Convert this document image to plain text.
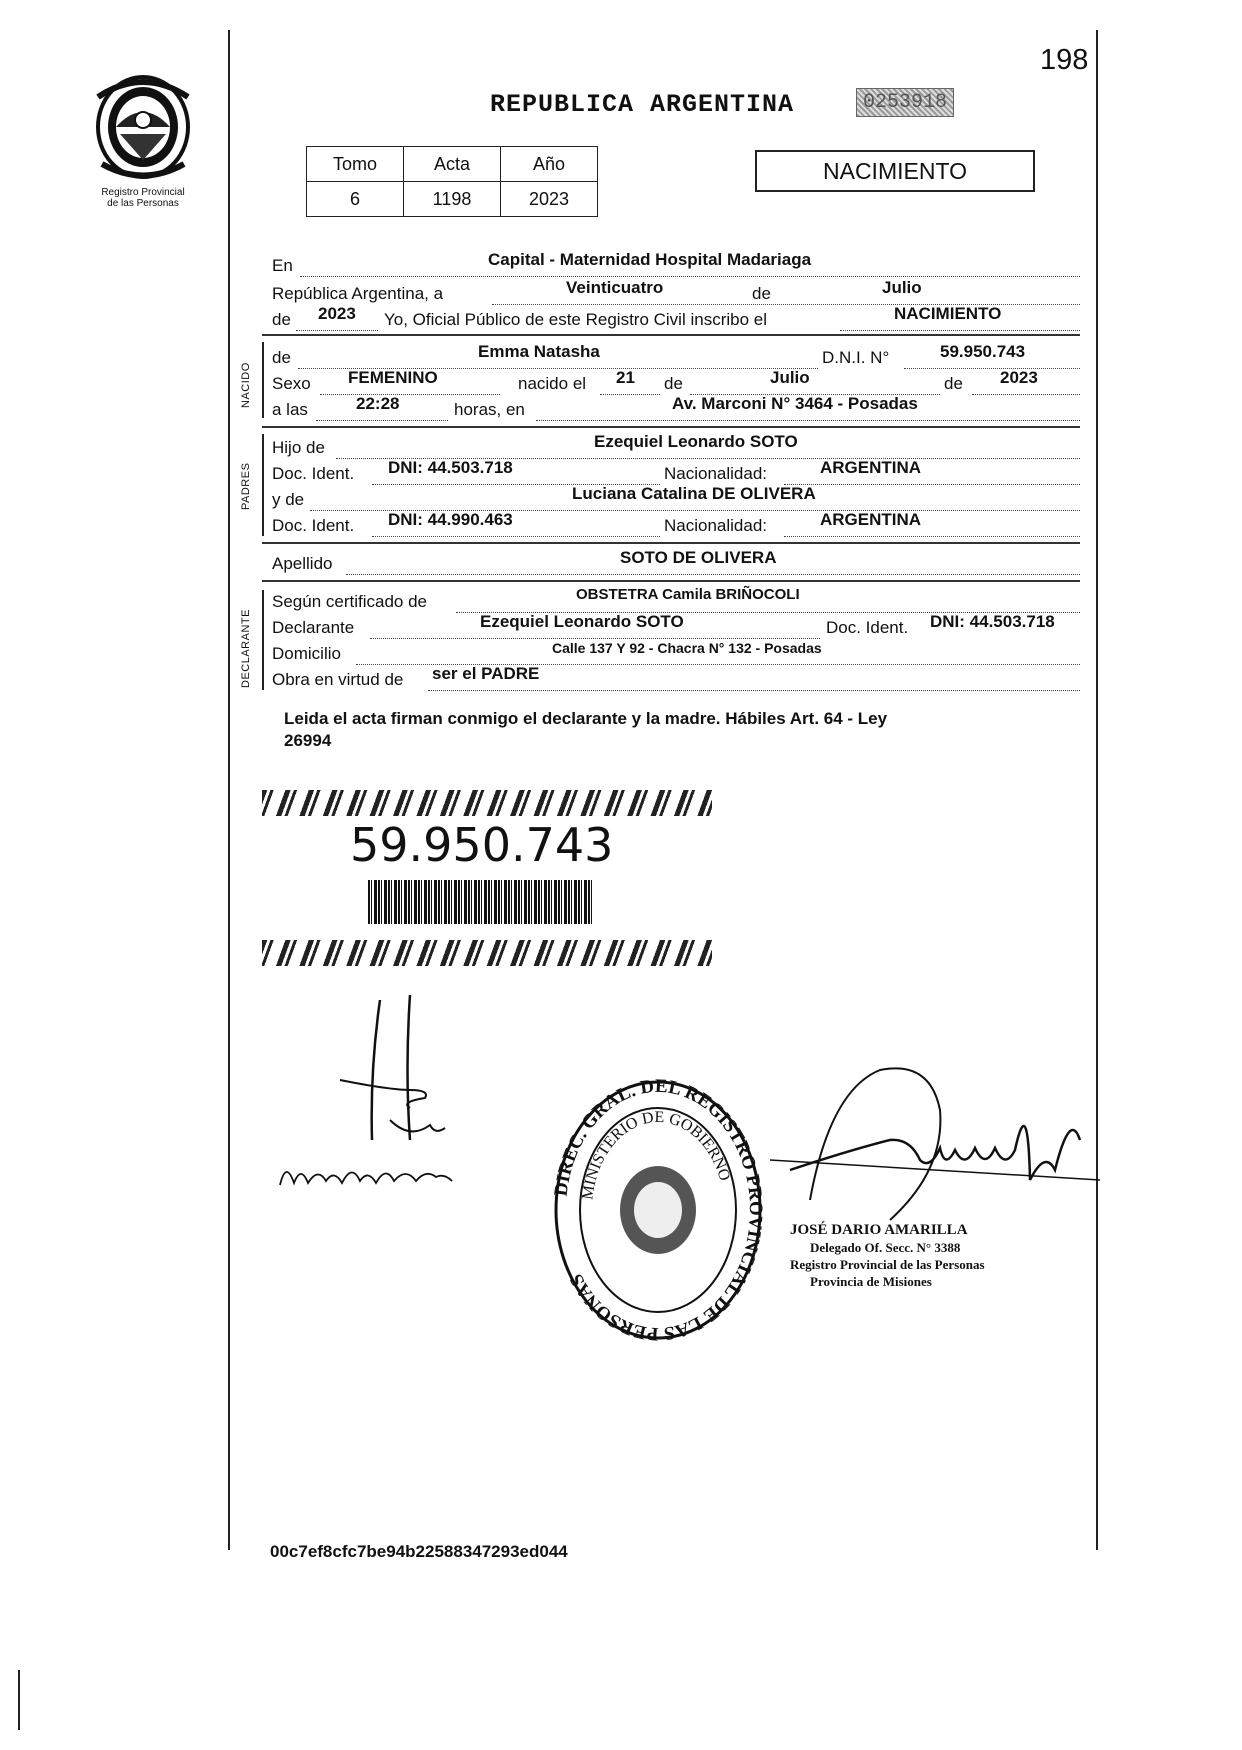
198
Registro Provincial
de las Personas
REPUBLICA ARGENTINA	0253918
Tomo	Acta	Año
6	1198	2023
NACIMIENTO
En	Capital - Maternidad Hospital Madariaga
República Argentina, a	Veinticuatro	de	Julio
de 2023 Yo, Oficial Público de este Registro Civil inscribo el	NACIMIENTO
NACIDO
de	Emma Natasha	D.N.I. N°	59.950.743
Sexo FEMENINO	nacido el 21 de	Julio	de 2023
a las	22:28	horas, en	Av. Marconi N° 3464 - Posadas
PADRES
Hijo de	Ezequiel Leonardo SOTO
Doc. Ident. DNI: 44.503.718	Nacionalidad:	ARGENTINA
y de	Luciana Catalina DE OLIVERA
Doc. Ident. DNI: 44.990.463	Nacionalidad:	ARGENTINA
Apellido	SOTO DE OLIVERA
DECLARANTE
Según certificado de	OBSTETRA Camila BRIÑOCOLI
Declarante	Ezequiel Leonardo SOTO	Doc. Ident. DNI: 44.503.718
Domicilio	Calle 137 Y 92 - Chacra N° 132 - Posadas
Obra en virtud de ser el PADRE
Leida el acta firman conmigo el declarante y la madre. Hábiles Art. 64 - Ley
26994
59.950.743
DIREC. GRAL. DEL REGISTRO PROVINCIAL DE LAS PERSONAS
MINISTERIO DE GOBIERNO
JOSÉ DARIO AMARILLA
Delegado Of. Secc. N° 3388
Registro Provincial de las Personas
Provincia de Misiones
00c7ef8cfc7be94b22588347293ed044
